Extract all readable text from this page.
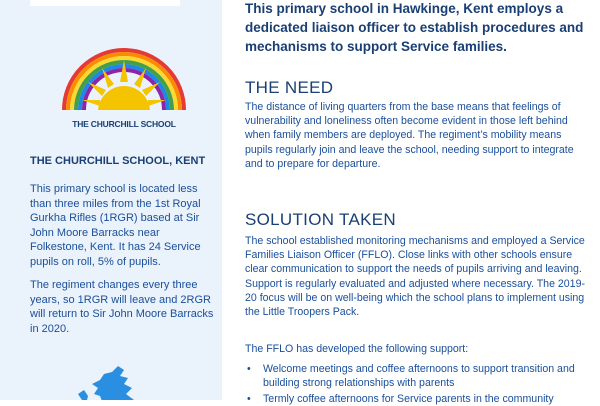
THE CHURCHILL SCHOOL
THE CHURCHILL SCHOOL, KENT

This primary school is located less than three miles from the 1st Royal Gurkha Rifles (1RGR) based at Sir John Moore Barracks near Folkestone, Kent. It has 24 Service pupils on roll, 5% of pupils.

The regiment changes every three years, so 1RGR will leave and 2RGR will return to Sir John Moore Barracks in 2020.

This primary school in Hawkinge, Kent employs a dedicated liaison officer to establish procedures and mechanisms to support Service families.

THE NEED

The distance of living quarters from the base means that feelings of vulnerability and loneliness often become evident in those left behind when family members are deployed. The regiment’s mobility means pupils regularly join and leave the school, needing support to integrate and to prepare for departure.

SOLUTION TAKEN

The school established monitoring mechanisms and employed a Service Families Liaison Officer (FFLO). Close links with other schools ensure clear communication to support the needs of pupils arriving and leaving. Support is regularly evaluated and adjusted where necessary. The 2019-20 focus will be on well-being which the school plans to implement using the Little Troopers Pack.

The FFLO has developed the following support:

• Welcome meetings and coffee afternoons to support transition and building strong relationships with parents
• Termly coffee afternoons for Service parents in the community
